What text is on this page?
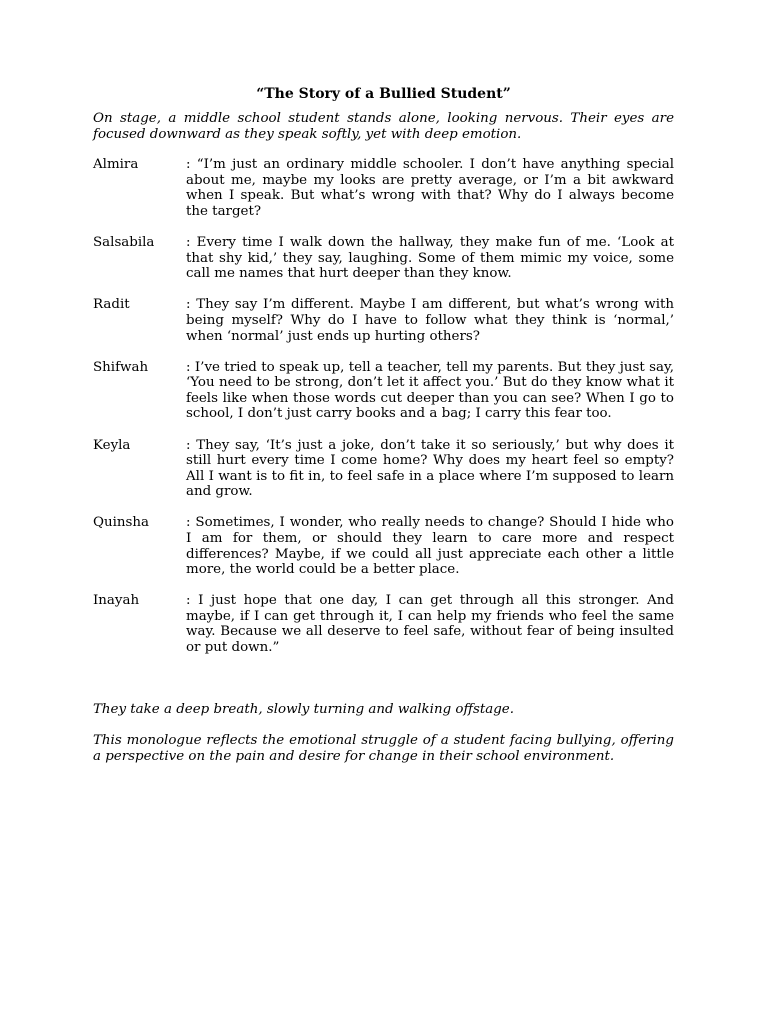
“The Story of a Bullied Student”
On stage, a middle school student stands alone, looking nervous. Their eyes are focused downward as they speak softly, yet with deep emotion.
Almira	: “I’m just an ordinary middle schooler. I don’t have anything special about me, maybe my looks are pretty average, or I’m a bit awkward when I speak. But what’s wrong with that? Why do I always become the target?
Salsabila	: Every time I walk down the hallway, they make fun of me. ‘Look at that shy kid,’ they say, laughing. Some of them mimic my voice, some call me names that hurt deeper than they know.
Radit	: They say I’m different. Maybe I am different, but what’s wrong with being myself? Why do I have to follow what they think is ‘normal,’ when ‘normal’ just ends up hurting others?
Shifwah	: I’ve tried to speak up, tell a teacher, tell my parents. But they just say, ‘You need to be strong, don’t let it affect you.’ But do they know what it feels like when those words cut deeper than you can see? When I go to school, I don’t just carry books and a bag; I carry this fear too.
Keyla	: They say, ‘It’s just a joke, don’t take it so seriously,’ but why does it still hurt every time I come home? Why does my heart feel so empty? All I want is to fit in, to feel safe in a place where I’m supposed to learn and grow.
Quinsha	: Sometimes, I wonder, who really needs to change? Should I hide who I am for them, or should they learn to care more and respect differences? Maybe, if we could all just appreciate each other a little more, the world could be a better place.
Inayah	: I just hope that one day, I can get through all this stronger. And maybe, if I can get through it, I can help my friends who feel the same way. Because we all deserve to feel safe, without fear of being insulted or put down.”
They take a deep breath, slowly turning and walking offstage.
This monologue reflects the emotional struggle of a student facing bullying, offering a perspective on the pain and desire for change in their school environment.
